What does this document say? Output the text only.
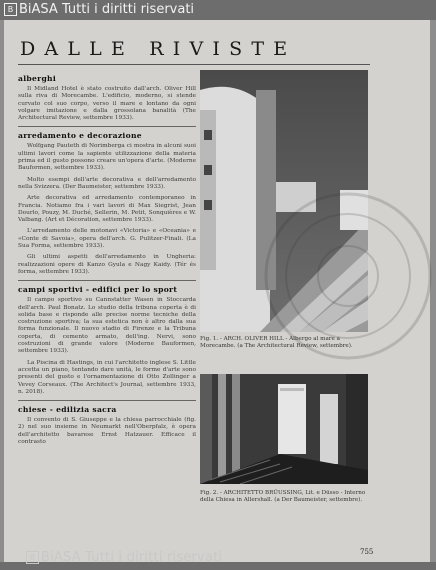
B BiASA Tutti i diritti riservati
DALLE RIVISTE
alberghi

Il Midland Hotel è stato costruito dall'arch. Oliver Hill sulla riva di Morecambe. L'edificio, moderno, si stende curvato col suo corpo, verso il mare e lontano da ogni volgare imitazione e dalla grossolana banalità (The Architectural Review, settembre 1933).

arredamento e decorazione

Wolfgang Pauteth di Norimberga ci mostra in alcuni suoi ultimi lavori come la sapiente utilizzazione della materia prima ed il gusto possono creare un'opera d'arte. (Moderne Bauformen, settembre 1933).

Molto esempi dell'arte decorativa e dell'arredamento nella Svizzera. (Der Baumeister, settembre 1933).

Arte decorativa ed arredamento contemporaneo in Francia. Notiamo fra i vari lavori di Max Siegrist, Jean Dourlo, Pouzy, M. Duché, Sellerin, M. Petit, Sonquières e W. Valbang. (Art et Décoration, settembre 1933).

L'arredamento delle motonavi «Victoria» e «Oceania» e «Conte di Savoia», opera dell'arch. G. Pulitzer-Finali. (La Sua Forma, settembre 1933).

Gli ultimi aspetti dell'arredamento in Ungheria: realizzazioni opere di Kanzo Gyula e Nagy Kaidy. (Tér és forma, settembre 1933).

campi sportivi - edifici per lo sport

Il campo sportivo su Cannstatter Wasen in Stoccarda dell'arch. Paul Bonatz. Lo studio della tribuna coperta è di solida base e risponde alle precise norme tecniche della costruzione sportiva; la sua estetica non è altro dalla sua forma funzionale. Il nuovo stadio di Firenze e la Tribuna coperta, di cemento armato, dell'ing. Nervi, sono costruzioni di grande valore (Moderne Bauformen, settembre 1933).

La Piscina di Hastings, in cui l'architetto inglese S. Little accetta un piano, tentando dare unità, le forme d'arte sono presenti del gusto e l'ornamentazione di Otto Zollinger a Vevey Corseaux. (The Architect's Journal, settembre 1933, n. 2018).

chiese - edilizia sacra

Il convento di S. Giuseppe e la chiesa parrocchiale (fig. 2) nel suo insieme in Neumarkt nell'Oberpfalz, è opera dell'architetto bavarese Ernst Hatzauer. Efficace il contrasto

Fig. 1. - ARCH. OLIVER HILL - Albergo al mare a Morecambe. (a The Architectural Review, settembre).
Fig. 2. - ARCHITETTO BRÜUSSING, Lit. e Düsso - Interno della Chiesa in Allershall. (a Der Baumeister, settembre).
755
B BiASA Tutti i diritti riservati
